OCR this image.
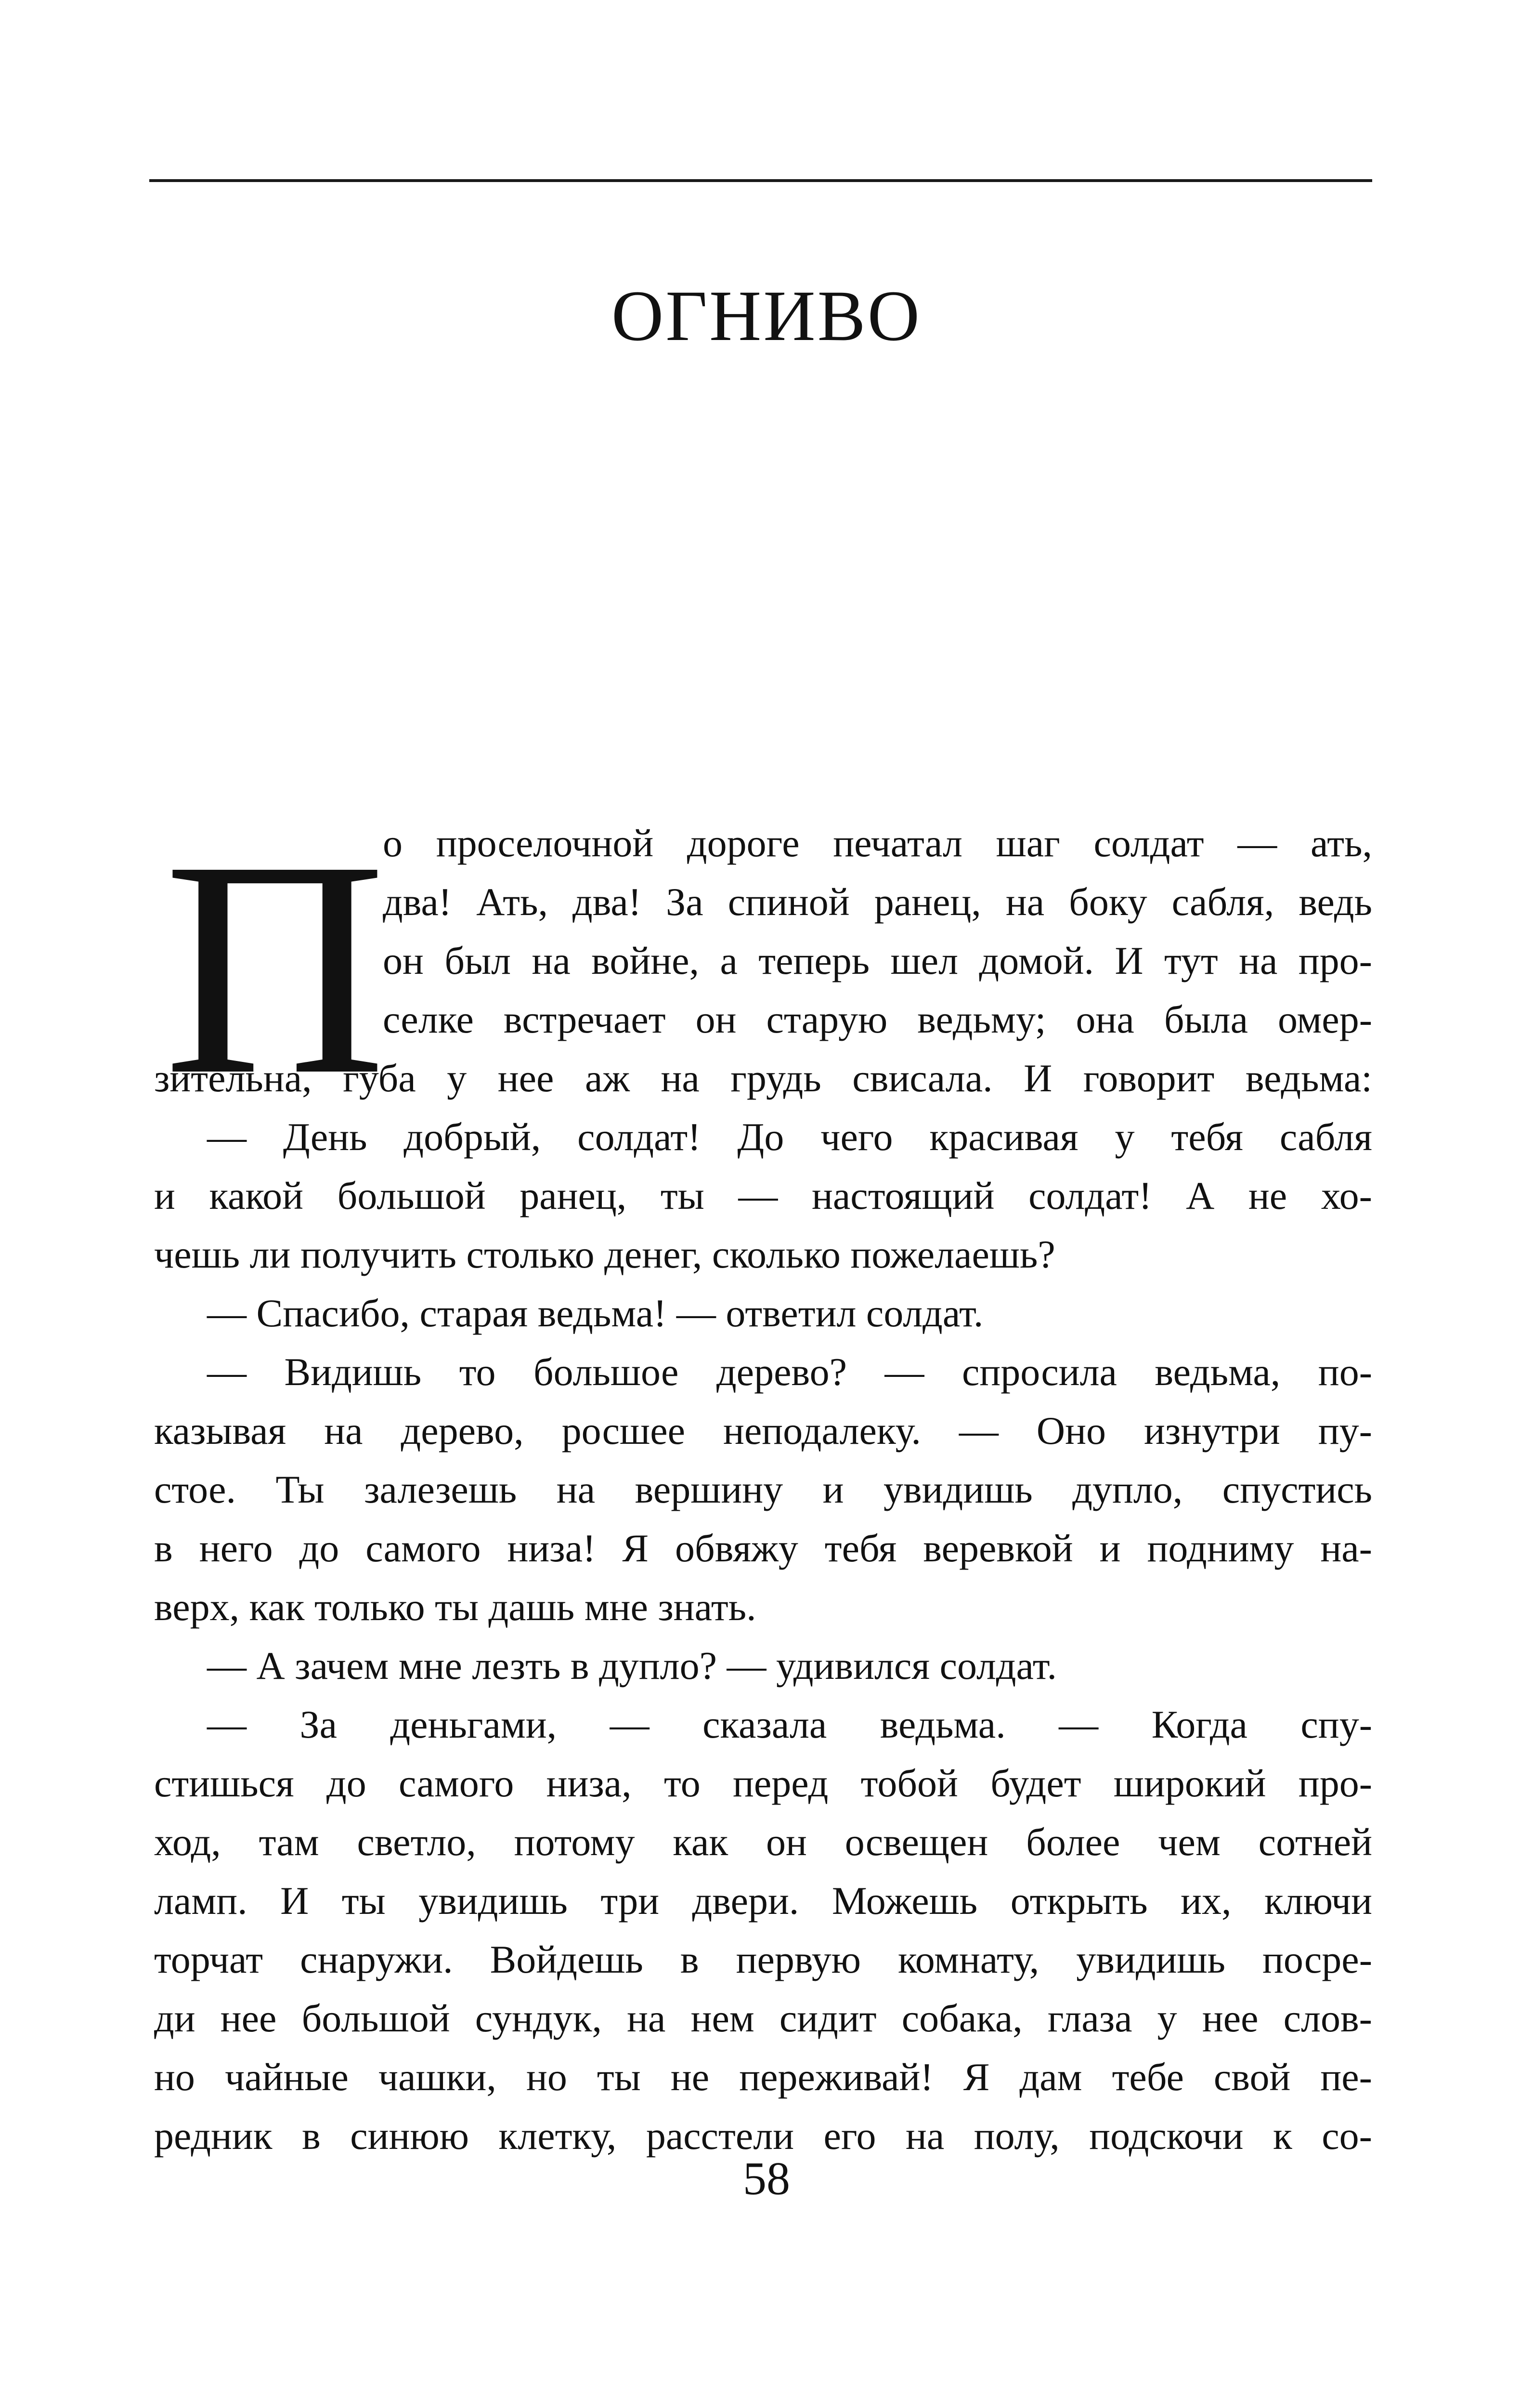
ОГНИВО
П
о проселочной дороге печатал шаг солдат — ать,
два! Ать, два! За спиной ранец, на боку сабля, ведь
он был на войне, а теперь шел домой. И тут на про-
селке встречает он старую ведьму; она была омер-
зительна, губа у нее аж на грудь свисала. И говорит ведьма:
— День добрый, солдат! До чего красивая у тебя сабля
и какой большой ранец, ты — настоящий солдат! А не хо-
чешь ли получить столько денег, сколько пожелаешь?
— Спасибо, старая ведьма! — ответил солдат.
— Видишь то большое дерево? — спросила ведьма, по-
казывая на дерево, росшее неподалеку. — Оно изнутри пу-
стое. Ты залезешь на вершину и увидишь дупло, спустись
в него до самого низа! Я обвяжу тебя веревкой и подниму на-
верх, как только ты дашь мне знать.
— А зачем мне лезть в дупло? — удивился солдат.
— За деньгами, — сказала ведьма. — Когда спу-
стишься до самого низа, то перед тобой будет широкий про-
ход, там светло, потому как он освещен более чем сотней
ламп. И ты увидишь три двери. Можешь открыть их, ключи
торчат снаружи. Войдешь в первую комнату, увидишь посре-
ди нее большой сундук, на нем сидит собака, глаза у нее слов-
но чайные чашки, но ты не переживай! Я дам тебе свой пе-
редник в синюю клетку, расстели его на полу, подскочи к со-
58
